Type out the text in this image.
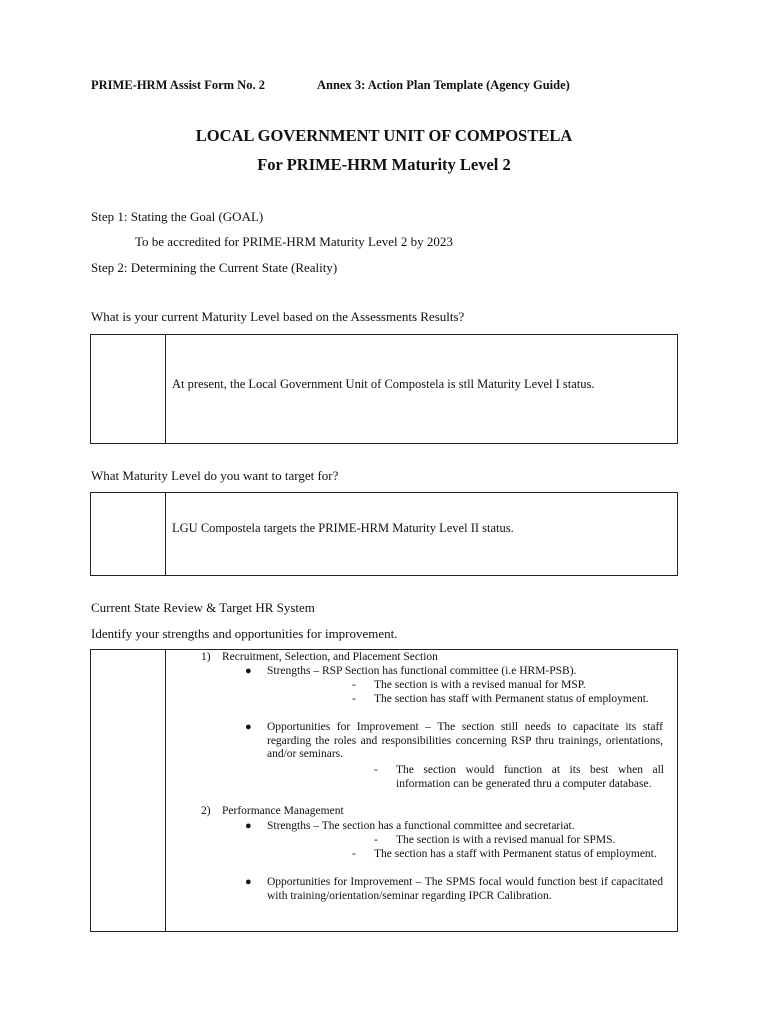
PRIME-HRM Assist Form No. 2	Annex 3: Action Plan Template (Agency Guide)
LOCAL GOVERNMENT UNIT OF COMPOSTELA
For PRIME-HRM Maturity Level 2
Step 1: Stating the Goal (GOAL)
To be accredited for PRIME-HRM Maturity Level 2 by 2023
Step 2: Determining the Current State (Reality)
What is your current Maturity Level based on the Assessments Results?
At present, the Local Government Unit of Compostela is stll Maturity Level I status.
What Maturity Level do you want to target for?
LGU Compostela targets the PRIME-HRM Maturity Level II status.
Current State Review & Target HR System
Identify your strengths and opportunities for improvement.
1) Recruitment, Selection, and Placement Section
● Strengths – RSP Section has functional committee (i.e HRM-PSB).
- The section is with a revised manual for MSP.
- The section has staff with Permanent status of employment.
● Opportunities for Improvement – The section still needs to capacitate its staff regarding the roles and responsibilities concerning RSP thru trainings, orientations, and/or seminars.
- The section would function at its best when all information can be generated thru a computer database.
2) Performance Management
● Strengths – The section has a functional committee and secretariat.
- The section is with a revised manual for SPMS.
- The section has a staff with Permanent status of employment.
● Opportunities for Improvement – The SPMS focal would function best if capacitated with training/orientation/seminar regarding IPCR Calibration.
